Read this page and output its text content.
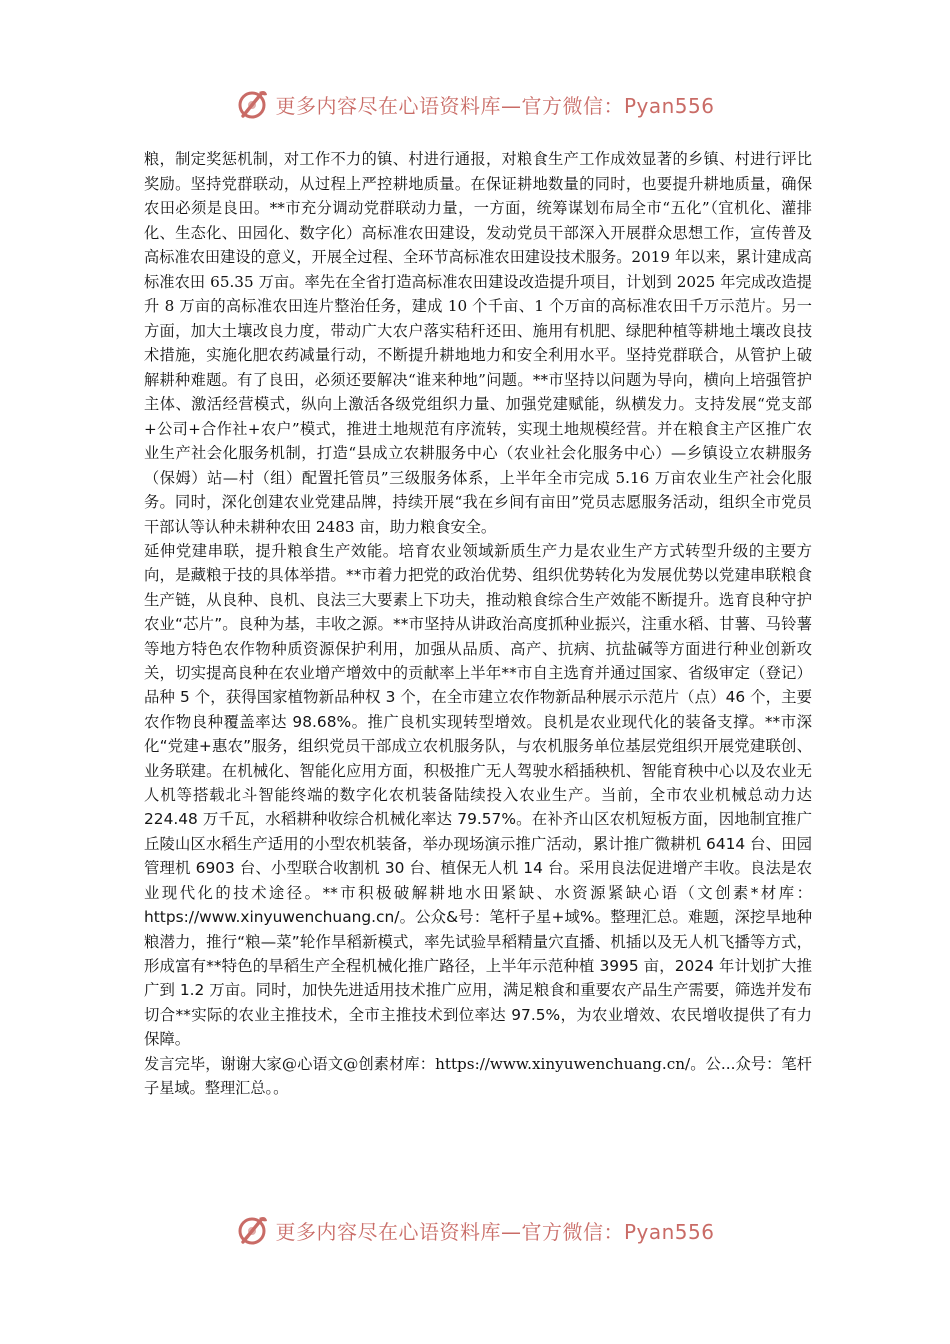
更多内容尽在心语资料库—官方微信：Pyan556

粮，制定奖惩机制，对工作不力的镇、村进行通报，对粮食生产工作成效显著的乡镇、村进行评比奖励。坚持党群联动，从过程上严控耕地质量。在保证耕地数量的同时，也要提升耕地质量，确保农田必须是良田。**市充分调动党群联动力量，一方面，统筹谋划布局全市“五化”（宜机化、灌排化、生态化、田园化、数字化）高标准农田建设，发动党员干部深入开展群众思想工作，宣传普及高标准农田建设的意义，开展全过程、全环节高标准农田建设技术服务。2019 年以来，累计建成高标准农田 65.35 万亩。率先在全省打造高标准农田建设改造提升项目，计划到 2025 年完成改造提升 8 万亩的高标准农田连片整治任务，建成 10 个千亩、1 个万亩的高标准农田千万示范片。另一方面，加大土壤改良力度，带动广大农户落实秸秆还田、施用有机肥、绿肥种植等耕地土壤改良技术措施，实施化肥农药减量行动，不断提升耕地地力和安全利用水平。坚持党群联合，从管护上破解耕种难题。有了良田，必须还要解决“谁来种地”问题。**市坚持以问题为导向，横向上培强管护主体、激活经营模式，纵向上激活各级党组织力量、加强党建赋能，纵横发力。支持发展“党支部+公司+合作社+农户”模式，推进土地规范有序流转，实现土地规模经营。并在粮食主产区推广农业生产社会化服务机制，打造“县成立农耕服务中心（农业社会化服务中心）—乡镇设立农耕服务（保姆）站—村（组）配置托管员”三级服务体系，上半年全市完成 5.16 万亩农业生产社会化服务。同时，深化创建农业党建品牌，持续开展“我在乡间有亩田”党员志愿服务活动，组织全市党员干部认等认种未耕种农田 2483 亩，助力粮食安全。

延伸党建串联，提升粮食生产效能。培育农业领域新质生产力是农业生产方式转型升级的主要方向，是藏粮于技的具体举措。**市着力把党的政治优势、组织优势转化为发展优势以党建串联粮食生产链，从良种、良机、良法三大要素上下功夫，推动粮食综合生产效能不断提升。选育良种守护农业“芯片”。良种为基，丰收之源。**市坚持从讲政治高度抓种业振兴，注重水稻、甘薯、马铃薯等地方特色农作物种质资源保护利用，加强从品质、高产、抗病、抗盐碱等方面进行种业创新攻关，切实提高良种在农业增产增效中的贡献率上半年**市自主选育并通过国家、省级审定（登记）品种 5 个，获得国家植物新品种权 3 个，在全市建立农作物新品种展示示范片（点）46 个，主要农作物良种覆盖率达 98.68%。推广良机实现转型增效。良机是农业现代化的装备支撑。**市深化“党建+惠农”服务，组织党员干部成立农机服务队，与农机服务单位基层党组织开展党建联创、业务联建。在机械化、智能化应用方面，积极推广无人驾驶水稻插秧机、智能育秧中心以及农业无人机等搭载北斗智能终端的数字化农机装备陆续投入农业生产。当前，全市农业机械总动力达 224.48 万千瓦，水稻耕种收综合机械化率达 79.57%。在补齐山区农机短板方面，因地制宜推广丘陵山区水稻生产适用的小型农机装备，举办现场演示推广活动，累计推广微耕机 6414 台、田园管理机 6903 台、小型联合收割机 30 台、植保无人机 14 台。采用良法促进增产丰收。良法是农业现代化的技术途径。**市积极破解耕地水田紧缺、水资源紧缺心语（文创素*材库：https://www.xinyuwenchuang.cn/。公众&号：笔杆子星+域%。整理汇总。难题，深挖旱地种粮潜力，推行“粮—菜”轮作旱稻新模式，率先试验旱稻精量穴直播、机插以及无人机飞播等方式，形成富有**特色的旱稻生产全程机械化推广路径，上半年示范种植 3995 亩，2024 年计划扩大推广到 1.2 万亩。同时，加快先进适用技术推广应用，满足粮食和重要农产品生产需要，筛选并发布切合**实际的农业主推技术，全市主推技术到位率达 97.5%，为农业增效、农民增收提供了有力保障。

发言完毕，谢谢大家@心语文@创素材库：https://www.xinyuwenchuang.cn/。公...众号：笔杆子星域。整理汇总。。

更多内容尽在心语资料库—官方微信：Pyan556
